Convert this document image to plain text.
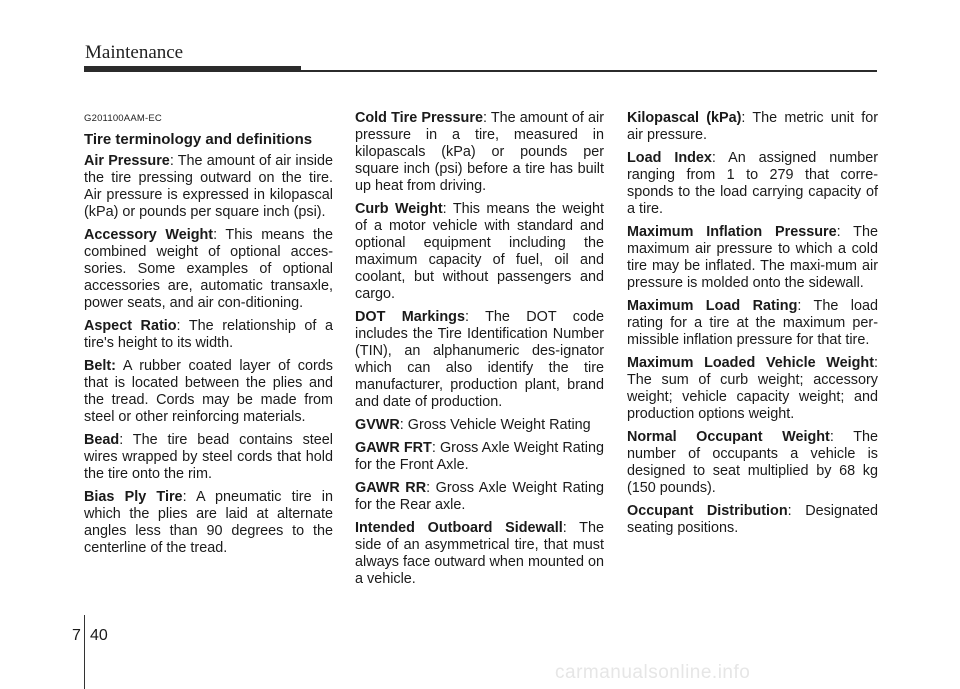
Maintenance
G201100AAM-EC
Tire terminology and definitions
Air Pressure: The amount of air inside the tire pressing outward on the tire. Air pressure is expressed in kilopascal (kPa) or pounds per square inch (psi).
Accessory Weight: This means the combined weight of optional acces-sories. Some examples of optional accessories are, automatic transaxle, power seats, and air con-ditioning.
Aspect Ratio: The relationship of a tire's height to its width.
Belt: A rubber coated layer of cords that is located between the plies and the tread. Cords may be made from steel or other reinforcing materials.
Bead: The tire bead contains steel wires wrapped by steel cords that hold the tire onto the rim.
Bias Ply Tire: A pneumatic tire in which the plies are laid at alternate angles less than 90 degrees to the centerline of the tread.
Cold Tire Pressure: The amount of air pressure in a tire, measured in kilopascals (kPa) or pounds per square inch (psi) before a tire has built up heat from driving.
Curb Weight: This means the weight of a motor vehicle with standard and optional equipment including the maximum capacity of fuel, oil and coolant, but without passengers and cargo.
DOT Markings: The DOT code includes the Tire Identification Number (TIN), an alphanumeric des-ignator which can also identify the tire manufacturer, production plant, brand and date of production.
GVWR: Gross Vehicle Weight Rating
GAWR FRT: Gross Axle Weight Rating for the Front Axle.
GAWR RR: Gross Axle Weight Rating for the Rear axle.
Intended Outboard Sidewall: The side of an asymmetrical tire, that must always face outward when mounted on a vehicle.
Kilopascal (kPa): The metric unit for air pressure.
Load Index: An assigned number ranging from 1 to 279 that corre-sponds to the load carrying capacity of a tire.
Maximum Inflation Pressure: The maximum air pressure to which a cold tire may be inflated. The maxi-mum air pressure is molded onto the sidewall.
Maximum Load Rating: The load rating for a tire at the maximum per-missible inflation pressure for that tire.
Maximum Loaded Vehicle Weight: The sum of curb weight; accessory weight; vehicle capacity weight; and production options weight.
Normal Occupant Weight: The number of occupants a vehicle is designed to seat multiplied by 68 kg (150 pounds).
Occupant Distribution: Designated seating positions.
7 40
carmanualsonline.info
